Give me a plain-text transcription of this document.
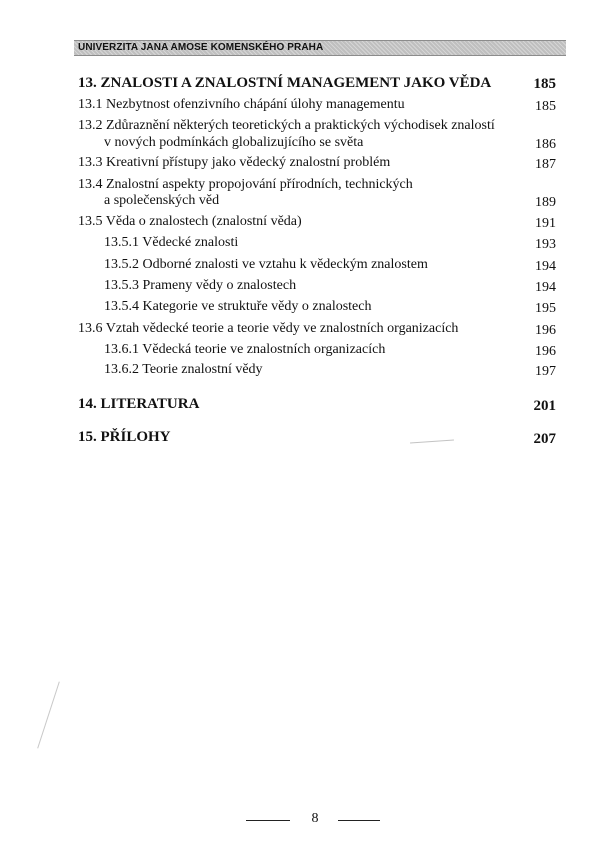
UNIVERZITA JANA AMOSE KOMENSKÉHO PRAHA
13. ZNALOSTI A ZNALOSTNÍ MANAGEMENT JAKO VĚDA	185
13.1 Nezbytnost ofenzivního chápání úlohy managementu	185
13.2 Zdůraznění některých teoretických a praktických východisek znalostí
v nových podmínkách globalizujícího se světa	186
13.3 Kreativní přístupy jako vědecký znalostní problém	187
13.4 Znalostní aspekty propojování přírodních, technických
a společenských věd	189
13.5 Věda o znalostech (znalostní věda)	191
13.5.1 Vědecké znalosti	193
13.5.2 Odborné znalosti ve vztahu k vědeckým znalostem	194
13.5.3 Prameny vědy o znalostech	194
13.5.4 Kategorie ve struktuře vědy o znalostech	195
13.6 Vztah vědecké teorie a teorie vědy ve znalostních organizacích	196
13.6.1 Vědecká teorie ve znalostních organizacích	196
13.6.2 Teorie znalostní vědy	197
14. LITERATURA	201
15. PŘÍLOHY	207
8
